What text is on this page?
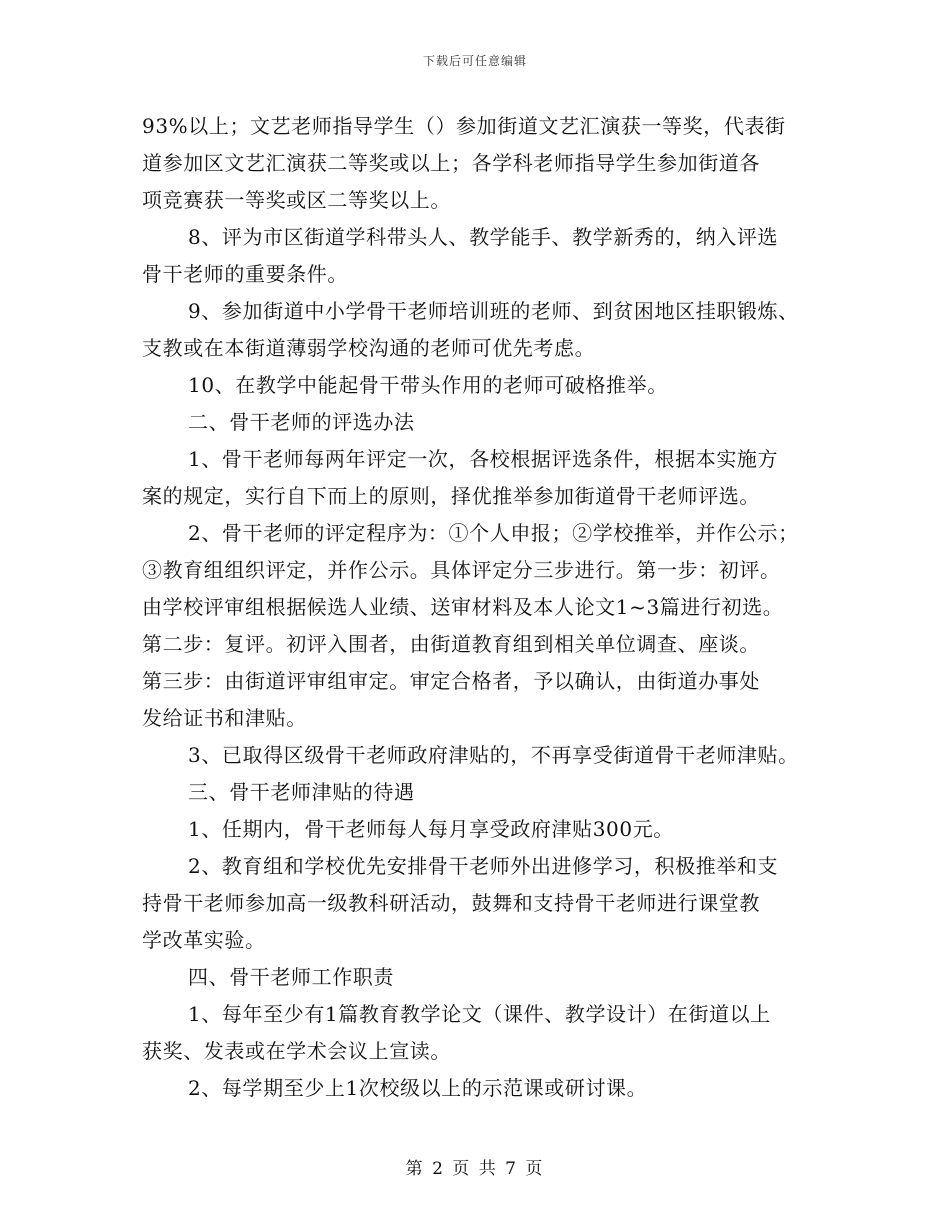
下载后可任意编辑
93%以上；文艺老师指导学生（）参加街道文艺汇演获一等奖，代表街
道参加区文艺汇演获二等奖或以上；各学科老师指导学生参加街道各
项竞赛获一等奖或区二等奖以上。
8、评为市区街道学科带头人、教学能手、教学新秀的，纳入评选
骨干老师的重要条件。
9、参加街道中小学骨干老师培训班的老师、到贫困地区挂职锻炼、
支教或在本街道薄弱学校沟通的老师可优先考虑。
10、在教学中能起骨干带头作用的老师可破格推举。
二、骨干老师的评选办法
1、骨干老师每两年评定一次，各校根据评选条件，根据本实施方
案的规定，实行自下而上的原则，择优推举参加街道骨干老师评选。
2、骨干老师的评定程序为：①个人申报；②学校推举，并作公示；
③教育组组织评定，并作公示。具体评定分三步进行。第一步：初评。
由学校评审组根据候选人业绩、送审材料及本人论文1~3篇进行初选。
第二步：复评。初评入围者，由街道教育组到相关单位调查、座谈。
第三步：由街道评审组审定。审定合格者，予以确认，由街道办事处
发给证书和津贴。
3、已取得区级骨干老师政府津贴的，不再享受街道骨干老师津贴。
三、骨干老师津贴的待遇
1、任期内，骨干老师每人每月享受政府津贴300元。
2、教育组和学校优先安排骨干老师外出进修学习，积极推举和支
持骨干老师参加高一级教科研活动，鼓舞和支持骨干老师进行课堂教
学改革实验。
四、骨干老师工作职责
1、每年至少有1篇教育教学论文（课件、教学设计）在街道以上
获奖、发表或在学术会议上宣读。
2、每学期至少上1次校级以上的示范课或研讨课。
第 2 页 共 7 页
